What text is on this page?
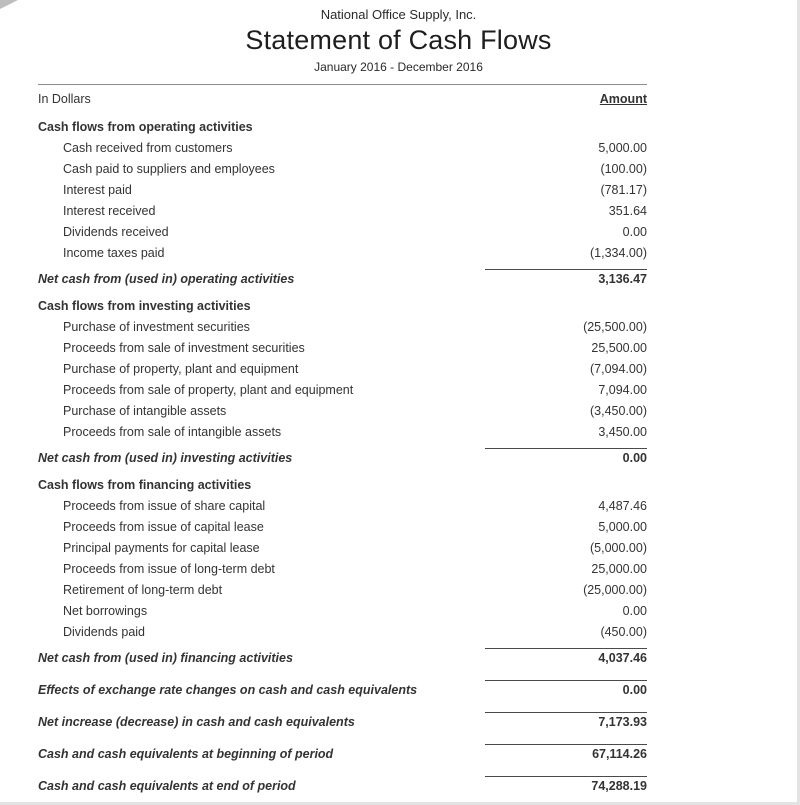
National Office Supply, Inc.
Statement of Cash Flows
January 2016 - December 2016
In Dollars	Amount
Cash flows from operating activities
Cash received from customers	5,000.00
Cash paid to suppliers and employees	(100.00)
Interest paid	(781.17)
Interest received	351.64
Dividends received	0.00
Income taxes paid	(1,334.00)
Net cash from (used in) operating activities	3,136.47
Cash flows from investing activities
Purchase of investment securities	(25,500.00)
Proceeds from sale of investment securities	25,500.00
Purchase of property, plant and equipment	(7,094.00)
Proceeds from sale of property, plant and equipment	7,094.00
Purchase of intangible assets	(3,450.00)
Proceeds from sale of intangible assets	3,450.00
Net cash from (used in) investing activities	0.00
Cash flows from financing activities
Proceeds from issue of share capital	4,487.46
Proceeds from issue of capital lease	5,000.00
Principal payments for capital lease	(5,000.00)
Proceeds from issue of long-term debt	25,000.00
Retirement of long-term debt	(25,000.00)
Net borrowings	0.00
Dividends paid	(450.00)
Net cash from (used in) financing activities	4,037.46
Effects of exchange rate changes on cash and cash equivalents	0.00
Net increase (decrease) in cash and cash equivalents	7,173.93
Cash and cash equivalents at beginning of period	67,114.26
Cash and cash equivalents at end of period	74,288.19
